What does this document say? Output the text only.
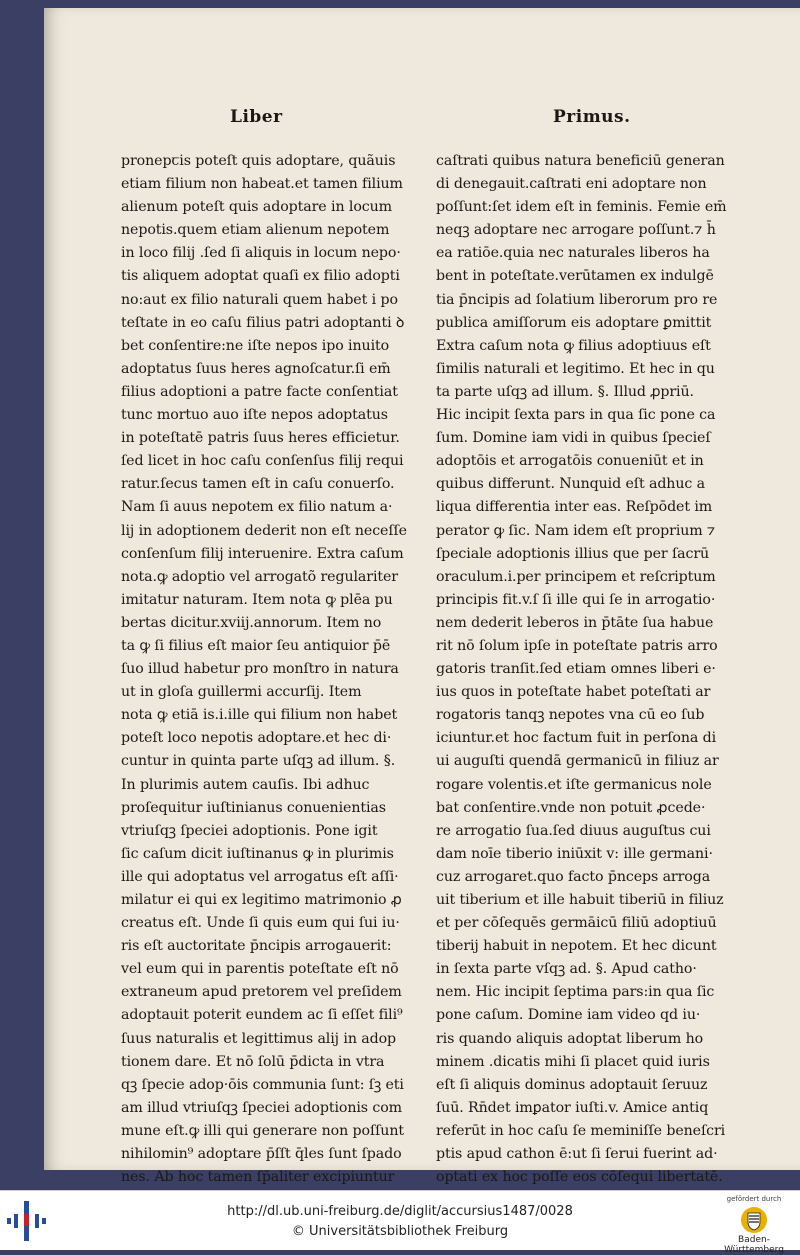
Liber	Primus.
pronepꞇis poteſt quis adoptare, quãuis
etiam filium non habeat.et tamen filium
alienum poteſt quis adoptare in locum
nepotis.quem etiam alienum nepotem
in loco filij .ſed ſi aliquis in locum nepo·
tis aliquem adoptat quaſi ex filio adopti
no:aut ex filio naturali quem habet i po
teſtate in eo caſu filius patri adoptanti ꝺ
bet conſentire:ne iſte nepos ipo inuito
adoptatus ſuus heres agnoſcatur.ſi em̄
filius adoptioni a patre facte conſentiat
tunc mortuo auo iſte nepos adoptatus
in poteſtatē patris ſuus heres efficietur.
ſed licet in hoc caſu conſenſus filij requi
ratur.ſecus tamen eſt in caſu conuerſo.
Nam ſi auus nepotem ex filio natum a·
lij in adoptionem dederit non eſt neceſſe
conſenſum filij interuenire. Extra caſum
nota.ꝙ adoptio vel arrogatõ regulariter
imitatur naturam. Item nota ꝙ plēa pu
bertas dicitur.xviij.annorum. Item no
ta ꝙ ſi filius eſt maior ſeu antiquior p̄ē
ſuo illud habetur pro monſtro in natura
ut in gloſa guillermi accurſij. Item
nota ꝙ etiā is.i.ille qui filium non habet
poteſt loco nepotis adoptare.et hec di·
cuntur in quinta parte uſqꝫ ad illum. §.
In plurimis autem cauſis. Ibi adhuc
proſequitur iuſtinianus conuenientias
vtriuſqꝫ ſpeciei adoptionis. Pone igit
ſic caſum dicit iuſtinanus ꝙ in plurimis
ille qui adoptatus vel arrogatus eſt aſſi·
milatur ei qui ex legitimo matrimonio ꝓ
creatus eſt. Unde ſi quis eum qui ſui iu·
ris eſt auctoritate p̄ncipis arrogauerit:
vel eum qui in parentis poteſtate eſt nō
extraneum apud pretorem vel preſidem
adoptauit poterit eundem ac ſi eſſet fili⁹
ſuus naturalis et legittimus alij in adop
tionem dare. Et nō ſolū p̄dicta in vtra
qꝫ ſpecie adop·ōis communia ſunt: ſꝫ eti
am illud vtriuſqꝫ ſpeciei adoptionis com
mune eſt.ꝙ illi qui generare non poſſunt
nihilomin⁹ adoptare p̄ſſt q̄les ſunt ſpado
nes. Ab hoc tamen ſp̄aliter excipiuntur
caſtrati quibus natura beneficiū generan
di denegauit.caſtrati eni adoptare non
poſſunt:ſet idem eſt in feminis. Femie em̄
neqꝫ adoptare nec arrogare poſſunt.⁊ h̄
ea ratiōe.quia nec naturales liberos ha
bent in poteſtate.verūtamen ex indulgē
tia p̄ncipis ad ſolatium liberorum pro re
publica amiſſorum eis adoptare ꝑmittit
Extra caſum nota ꝙ filius adoptiuus eſt
ſimilis naturali et legitimo. Et hec in qu
ta parte uſqꝫ ad illum. §. Illud ꝓpriū.
Hic incipit ſexta pars in qua ſic pone ca
ſum. Domine iam vidi in quibus ſpecieſ
adoptōis et arrogatōis conueniūt et in
quibus differunt. Nunquid eſt adhuc a
liqua differentia inter eas. Reſpōdet im
perator ꝙ ſic. Nam idem eſt proprium ⁊
ſpeciale adoptionis illius que per ſacrū
oraculum.i.per principem et reſcriptum
principis fit.v.ſ ſi ille qui ſe in arrogatio·
nem dederit leberos in p̄tāte ſua habue
rit nō ſolum ipſe in poteſtate patris arro
gatoris tranſit.ſed etiam omnes liberi e·
ius quos in poteſtate habet poteſtati ar
rogatoris tanqꝫ nepotes vna cū eo ſub
iciuntur.et hoc factum fuit in perſona di
ui auguſti quendā germanicū in filiuz ar
rogare volentis.et iſte germanicus nole
bat conſentire.vnde non potuit ꝓcede·
re arrogatio ſua.ſed diuus auguſtus cui
dam noīe tiberio iniūxit v: ille germani·
cuz arrogaret.quo facto p̄nceps arroga
uit tiberium et ille habuit tiberiū in filiuz
et per cōſequēs germāicū filiū adoptiuū
tiberij habuit in nepotem. Et hec dicunt
in ſexta parte vſqꝫ ad. §. Apud catho·
nem. Hic incipit ſeptima pars:in qua ſic
pone caſum. Domine iam video qd iu·
ris quando aliquis adoptat liberum ho
minem .dicatis mihi ſi placet quid iuris
eſt ſi aliquis dominus adoptauit ſeruuz
ſuū. Rn̄det imꝑator iuſti.v. Amice antiq
referūt in hoc caſu ſe meminiſſe beneſcri
ptis apud cathon ē:ut ſi ſerui fuerint ad·
optati ex hoc poſſe eos cōſequi libertatē.
http://dl.ub.uni-freiburg.de/diglit/accursius1487/0028
© Universitätsbibliothek Freiburg
gefördert durch
Baden-Württemberg
